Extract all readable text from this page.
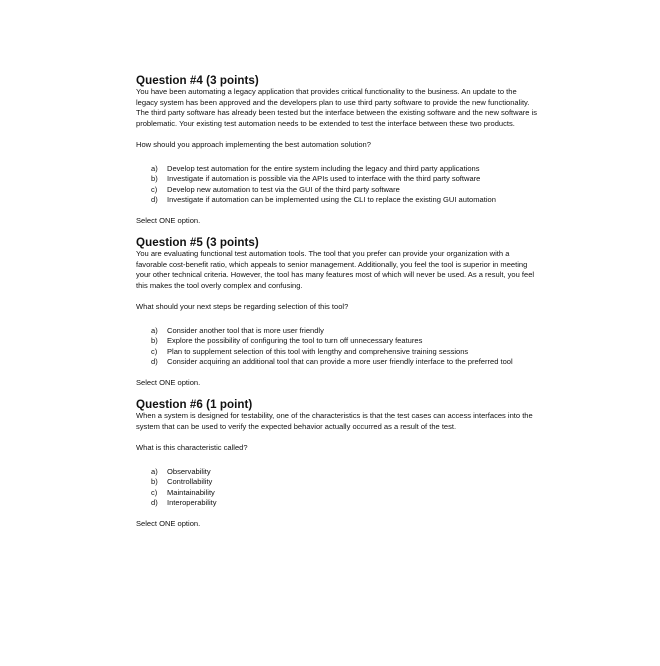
Question #4 (3 points)

You have been automating a legacy application that provides critical functionality to the business. An update to the legacy system has been approved and the developers plan to use third party software to provide the new functionality. The third party software has already been tested but the interface between the existing software and the new software is problematic. Your existing test automation needs to be extended to test the interface between these two products.

How should you approach implementing the best automation solution?

a)	Develop test automation for the entire system including the legacy and third party applications
b)	Investigate if automation is possible via the APIs used to interface with the third party software
c)	Develop new automation to test via the GUI of the third party software
d)	Investigate if automation can be implemented using the CLI to replace the existing GUI automation

Select ONE option.

Question #5 (3 points)

You are evaluating functional test automation tools. The tool that you prefer can provide your organization with a favorable cost-benefit ratio, which appeals to senior management. Additionally, you feel the tool is superior in meeting your other technical criteria. However, the tool has many features most of which will never be used. As a result, you feel this makes the tool overly complex and confusing.

What should your next steps be regarding selection of this tool?

a)	Consider another tool that is more user friendly
b)	Explore the possibility of configuring the tool to turn off unnecessary features
c)	Plan to supplement selection of this tool with lengthy and comprehensive training sessions
d)	Consider acquiring an additional tool that can provide a more user friendly interface to the preferred tool

Select ONE option.

Question #6 (1 point)

When a system is designed for testability, one of the characteristics is that the test cases can access interfaces into the system that can be used to verify the expected behavior actually occurred as a result of the test.

What is this characteristic called?

a)	Observability
b)	Controllability
c)	Maintainability
d)	Interoperability

Select ONE option.
